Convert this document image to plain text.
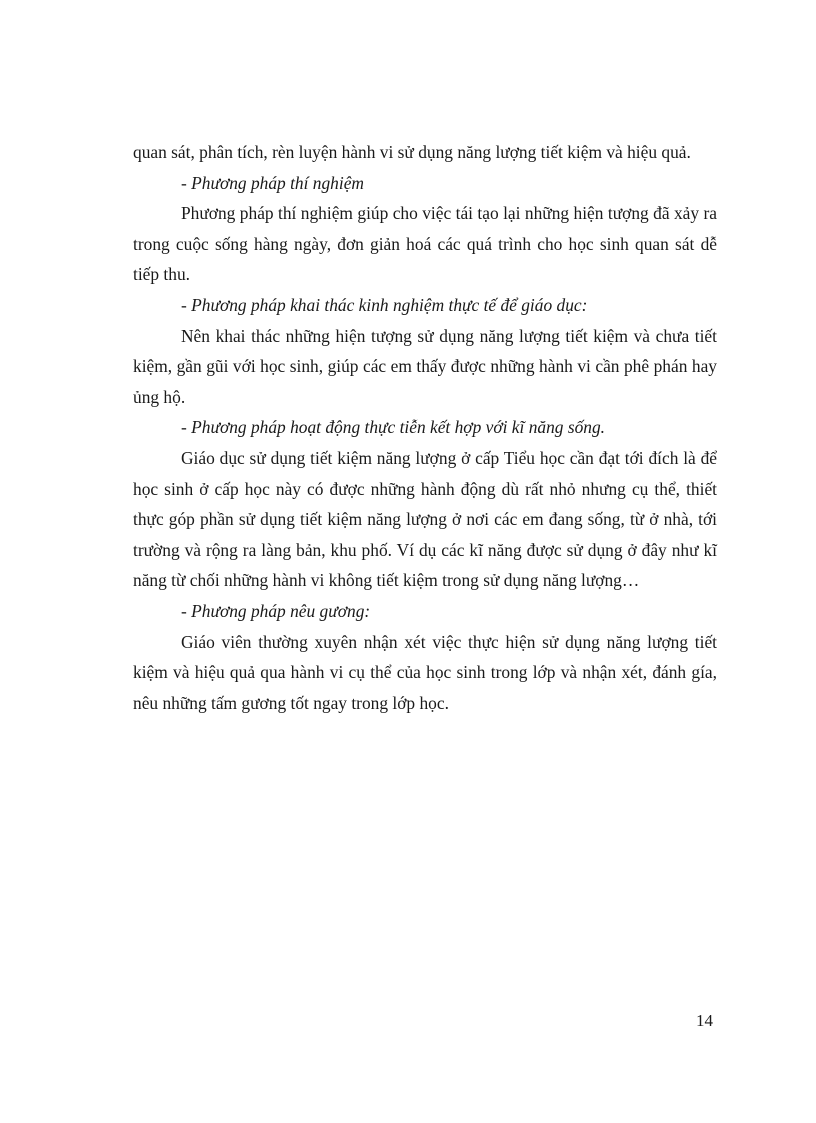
quan sát, phân tích, rèn luyện hành vi sử dụng năng lượng tiết kiệm và hiệu quả.

- Phương pháp thí nghiệm

Phương pháp thí nghiệm giúp cho việc tái tạo lại những hiện tượng đã xảy ra trong cuộc sống hàng ngày, đơn giản hoá các quá trình cho học sinh quan sát dễ tiếp thu.

- Phương pháp khai thác kinh nghiệm thực tế để giáo dục:

Nên khai thác những hiện tượng sử dụng năng lượng tiết kiệm và chưa tiết kiệm, gần gũi với học sinh, giúp các em thấy được những hành vi cần phê phán hay ủng hộ.

- Phương pháp hoạt động thực tiễn kết hợp với kĩ năng sống.

Giáo dục sử dụng tiết kiệm năng lượng ở cấp Tiểu học cần đạt tới đích là để học sinh ở cấp học này có được những hành động dù rất nhỏ nhưng cụ thể, thiết thực góp phần sử dụng tiết kiệm năng lượng ở nơi các em đang sống, từ ở nhà, tới trường và rộng ra làng bản, khu phố. Ví dụ các kĩ năng được sử dụng ở đây như kĩ năng từ chối những hành vi không tiết kiệm trong sử dụng năng lượng…

- Phương pháp nêu gương:

Giáo viên thường xuyên nhận xét việc thực hiện sử dụng năng lượng tiết kiệm và hiệu quả qua hành vi cụ thể của học sinh trong lớp và nhận xét, đánh gía, nêu những tấm gương tốt ngay trong lớp học.

14
